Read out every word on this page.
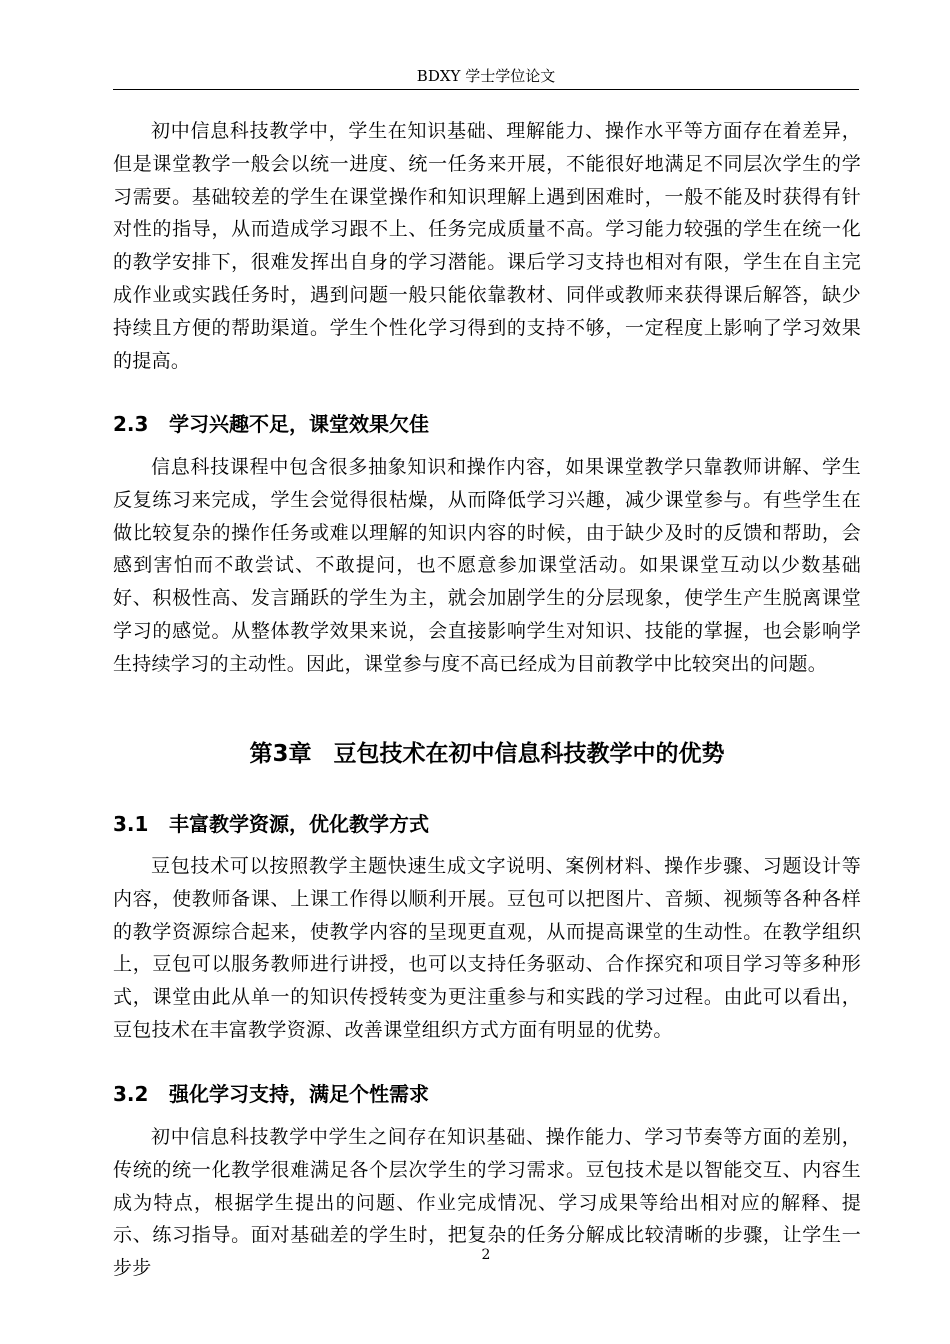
BDXY 学士学位论文

初中信息科技教学中，学生在知识基础、理解能力、操作水平等方面存在着差异，但是课堂教学一般会以统一进度、统一任务来开展，不能很好地满足不同层次学生的学习需要。基础较差的学生在课堂操作和知识理解上遇到困难时，一般不能及时获得有针对性的指导，从而造成学习跟不上、任务完成质量不高。学习能力较强的学生在统一化的教学安排下，很难发挥出自身的学习潜能。课后学习支持也相对有限，学生在自主完成作业或实践任务时，遇到问题一般只能依靠教材、同伴或教师来获得课后解答，缺少持续且方便的帮助渠道。学生个性化学习得到的支持不够，一定程度上影响了学习效果的提高。

2.3 学习兴趣不足，课堂效果欠佳

信息科技课程中包含很多抽象知识和操作内容，如果课堂教学只靠教师讲解、学生反复练习来完成，学生会觉得很枯燥，从而降低学习兴趣，减少课堂参与。有些学生在做比较复杂的操作任务或难以理解的知识内容的时候，由于缺少及时的反馈和帮助，会感到害怕而不敢尝试、不敢提问，也不愿意参加课堂活动。如果课堂互动以少数基础好、积极性高、发言踊跃的学生为主，就会加剧学生的分层现象，使学生产生脱离课堂学习的感觉。从整体教学效果来说，会直接影响学生对知识、技能的掌握，也会影响学生持续学习的主动性。因此，课堂参与度不高已经成为目前教学中比较突出的问题。

第3章 豆包技术在初中信息科技教学中的优势
3.1 丰富教学资源，优化教学方式

豆包技术可以按照教学主题快速生成文字说明、案例材料、操作步骤、习题设计等内容，使教师备课、上课工作得以顺利开展。豆包可以把图片、音频、视频等各种各样的教学资源综合起来，使教学内容的呈现更直观，从而提高课堂的生动性。在教学组织上，豆包可以服务教师进行讲授，也可以支持任务驱动、合作探究和项目学习等多种形式，课堂由此从单一的知识传授转变为更注重参与和实践的学习过程。由此可以看出，豆包技术在丰富教学资源、改善课堂组织方式方面有明显的优势。

3.2 强化学习支持，满足个性需求

初中信息科技教学中学生之间存在知识基础、操作能力、学习节奏等方面的差别，传统的统一化教学很难满足各个层次学生的学习需求。豆包技术是以智能交互、内容生成为特点，根据学生提出的问题、作业完成情况、学习成果等给出相对应的解释、提示、练习指导。面对基础差的学生时，把复杂的任务分解成比较清晰的步骤，让学生一步步

2
